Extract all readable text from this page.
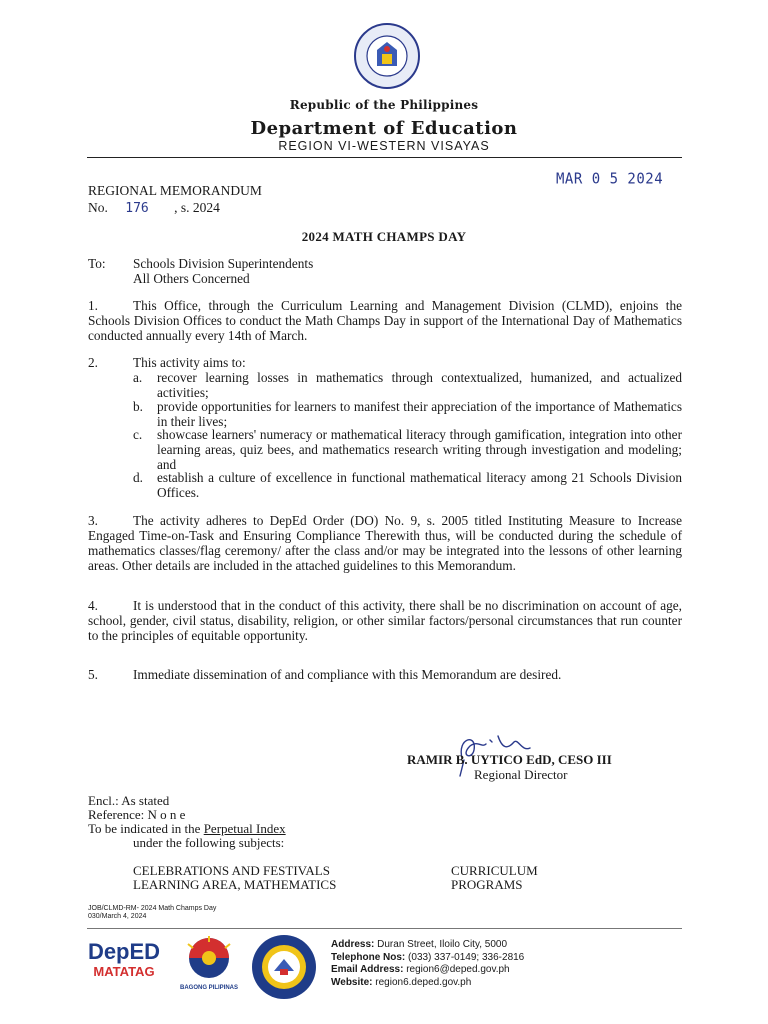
Republic of the Philippines
Department of Education
REGION VI-WESTERN VISAYAS
MAR 0 5 2024
REGIONAL MEMORANDUM
No. 176 , s. 2024
2024 MATH CHAMPS DAY
To: Schools Division Superintendents
All Others Concerned
1.	This Office, through the Curriculum Learning and Management Division (CLMD), enjoins the Schools Division Offices to conduct the Math Champs Day in support of the International Day of Mathematics conducted annually every 14th of March.
2.	This activity aims to:
a.	recover learning losses in mathematics through contextualized, humanized, and actualized activities;
b.	provide opportunities for learners to manifest their appreciation of the importance of Mathematics in their lives;
c.	showcase learners' numeracy or mathematical literacy through gamification, integration into other learning areas, quiz bees, and mathematics research writing through investigation and modeling; and
d.	establish a culture of excellence in functional mathematical literacy among 21 Schools Division Offices.
3.	The activity adheres to DepEd Order (DO) No. 9, s. 2005 titled Instituting Measure to Increase Engaged Time-on-Task and Ensuring Compliance Therewith thus, will be conducted during the schedule of mathematics classes/flag ceremony/ after the class and/or may be integrated into the lessons of other learning areas. Other details are included in the attached guidelines to this Memorandum.
4.	It is understood that in the conduct of this activity, there shall be no discrimination on account of age, school, gender, civil status, disability, religion, or other similar factors/personal circumstances that run counter to the principles of equitable opportunity.
5.	Immediate dissemination of and compliance with this Memorandum are desired.
RAMIR B. UYTICO EdD, CESO III
Regional Director
Encl.: As stated
Reference: N o n e
To be indicated in the Perpetual Index
under the following subjects:
CELEBRATIONS AND FESTIVALS
LEARNING AREA, MATHEMATICS
CURRICULUM
PROGRAMS
JOB/CLMD-RM- 2024 Math Champs Day
030/March 4, 2024
DepED
MATATAG
BAGONG PILIPINAS
Address: Duran Street, Iloilo City, 5000
Telephone Nos: (033) 337-0149; 336-2816
Email Address: region6@deped.gov.ph
Website: region6.deped.gov.ph
